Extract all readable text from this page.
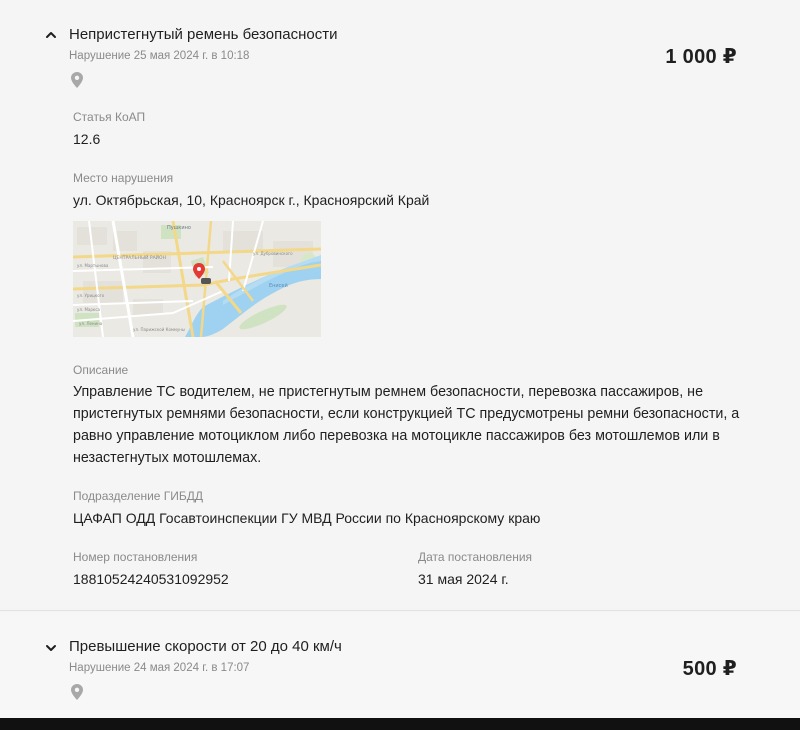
Непристегнутый ремень безопасности
Нарушение 25 мая 2024 г. в 10:18	1 000 ₽
Статья КоАП
12.6
Место нарушения
ул. Октябрьская, 10, Красноярск г., Красноярский Край
Пушкино
ЦЕНТРАЛЬНЫЙ РАЙОН
ул. Мартынова
ул. Урицкого
ул. Маркса
ул. Дубровинского
ул. Ленина
ул. Парижской Коммуны
Енисей
Описание
Управление ТС водителем, не пристегнутым ремнем безопасности, перевозка пассажиров, не пристегнутых ремнями безопасности, если конструкцией ТС предусмотрены ремни безопасности, а равно управление мотоциклом либо перевозка на мотоцикле пассажиров без мотошлемов или в незастегнутых мотошлемах.
Подразделение ГИБДД
ЦАФАП ОДД Госавтоинспекции ГУ МВД России по Красноярскому краю
Номер постановления
18810524240531092952
Дата постановления
31 мая 2024 г.
Превышение скорости от 20 до 40 км/ч
Нарушение 24 мая 2024 г. в 17:07	500 ₽
